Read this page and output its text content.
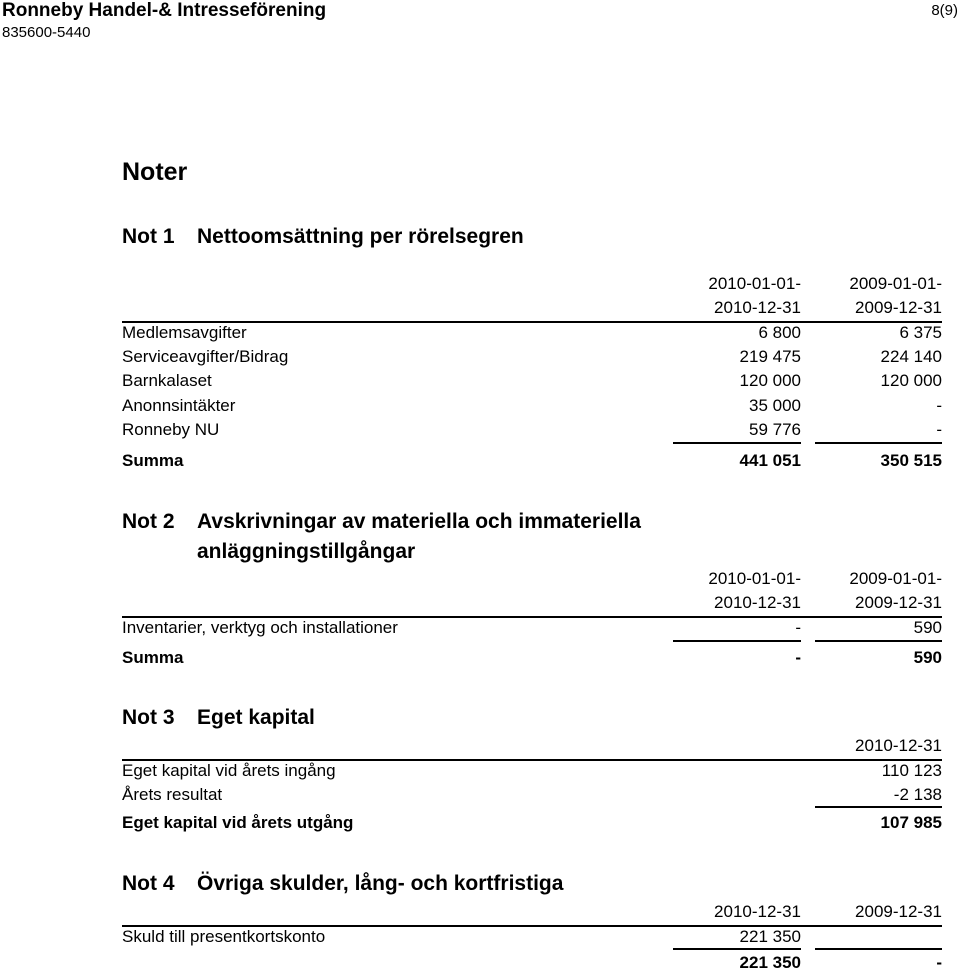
Ronneby Handel-& Intresseförening
835600-5440
8(9)
Noter
Not 1 Nettoomsättning per rörelsegren
2010-01-01-	2009-01-01-
2010-12-31	2009-12-31
Medlemsavgifter	6 800	6 375
Serviceavgifter/Bidrag	219 475	224 140
Barnkalaset	120 000	120 000
Anonnsintäkter	35 000	-
Ronneby NU	59 776	-
Summa	441 051	350 515
Not 2 Avskrivningar av materiella och immateriella
anläggningstillgångar
2010-01-01-	2009-01-01-
2010-12-31	2009-12-31
Inventarier, verktyg och installationer	-	590
Summa	-	590
Not 3 Eget kapital
2010-12-31
Eget kapital vid årets ingång	110 123
Årets resultat	-2 138
Eget kapital vid årets utgång	107 985
Not 4 Övriga skulder, lång- och kortfristiga
2010-12-31	2009-12-31
Skuld till presentkortskonto	221 350
221 350	-
